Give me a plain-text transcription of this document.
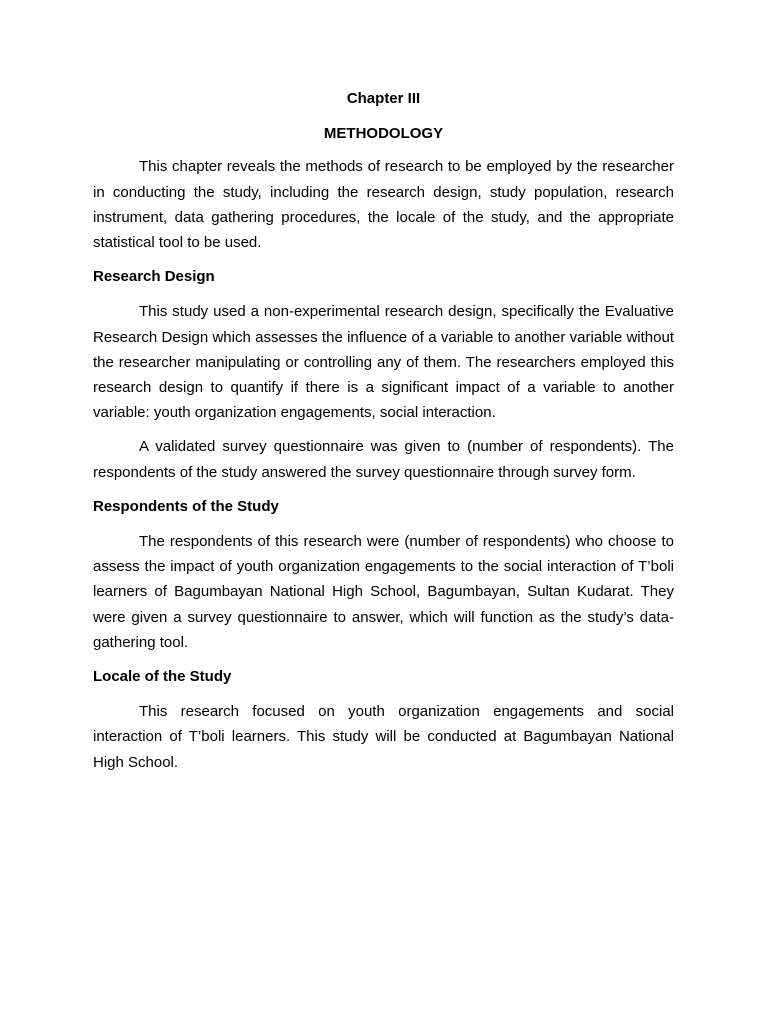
Chapter III

METHODOLOGY

This chapter reveals the methods of research to be employed by the researcher in conducting the study, including the research design, study population, research instrument, data gathering procedures, the locale of the study, and the appropriate statistical tool to be used.

Research Design

This study used a non-experimental research design, specifically the Evaluative Research Design which assesses the influence of a variable to another variable without the researcher manipulating or controlling any of them. The researchers employed this research design to quantify if there is a significant impact of a variable to another variable: youth organization engagements, social interaction.

A validated survey questionnaire was given to (number of respondents). The respondents of the study answered the survey questionnaire through survey form.

Respondents of the Study

The respondents of this research were (number of respondents) who choose to assess the impact of youth organization engagements to the social interaction of T’boli learners of Bagumbayan National High School, Bagumbayan, Sultan Kudarat. They were given a survey questionnaire to answer, which will function as the study’s data-gathering tool.

Locale of the Study

This research focused on youth organization engagements and social interaction of T’boli learners. This study will be conducted at Bagumbayan National High School.
